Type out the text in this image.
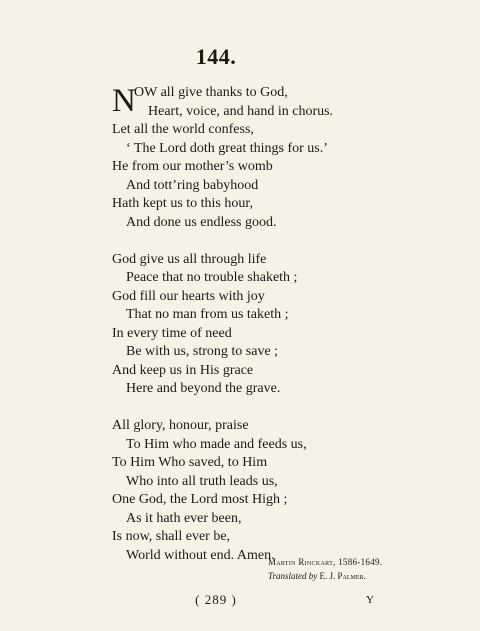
144.
N
OW all give thanks to God,
Heart, voice, and hand in chorus.
Let all the world confess,
‘ The Lord doth great things for us.’
He from our mother’s womb
And tott’ring babyhood
Hath kept us to this hour,
And done us endless good.
God give us all through life
Peace that no trouble shaketh ;
God fill our hearts with joy
That no man from us taketh ;
In every time of need
Be with us, strong to save ;
And keep us in His grace
Here and beyond the grave.
All glory, honour, praise
To Him who made and feeds us,
To Him Who saved, to Him
Who into all truth leads us,
One God, the Lord most High ;
As it hath ever been,
Is now, shall ever be,
World without end. Amen.
Martin Rinckart, 1586-1649.
Translated by E. J. Palmer.
( 289 )	Y
